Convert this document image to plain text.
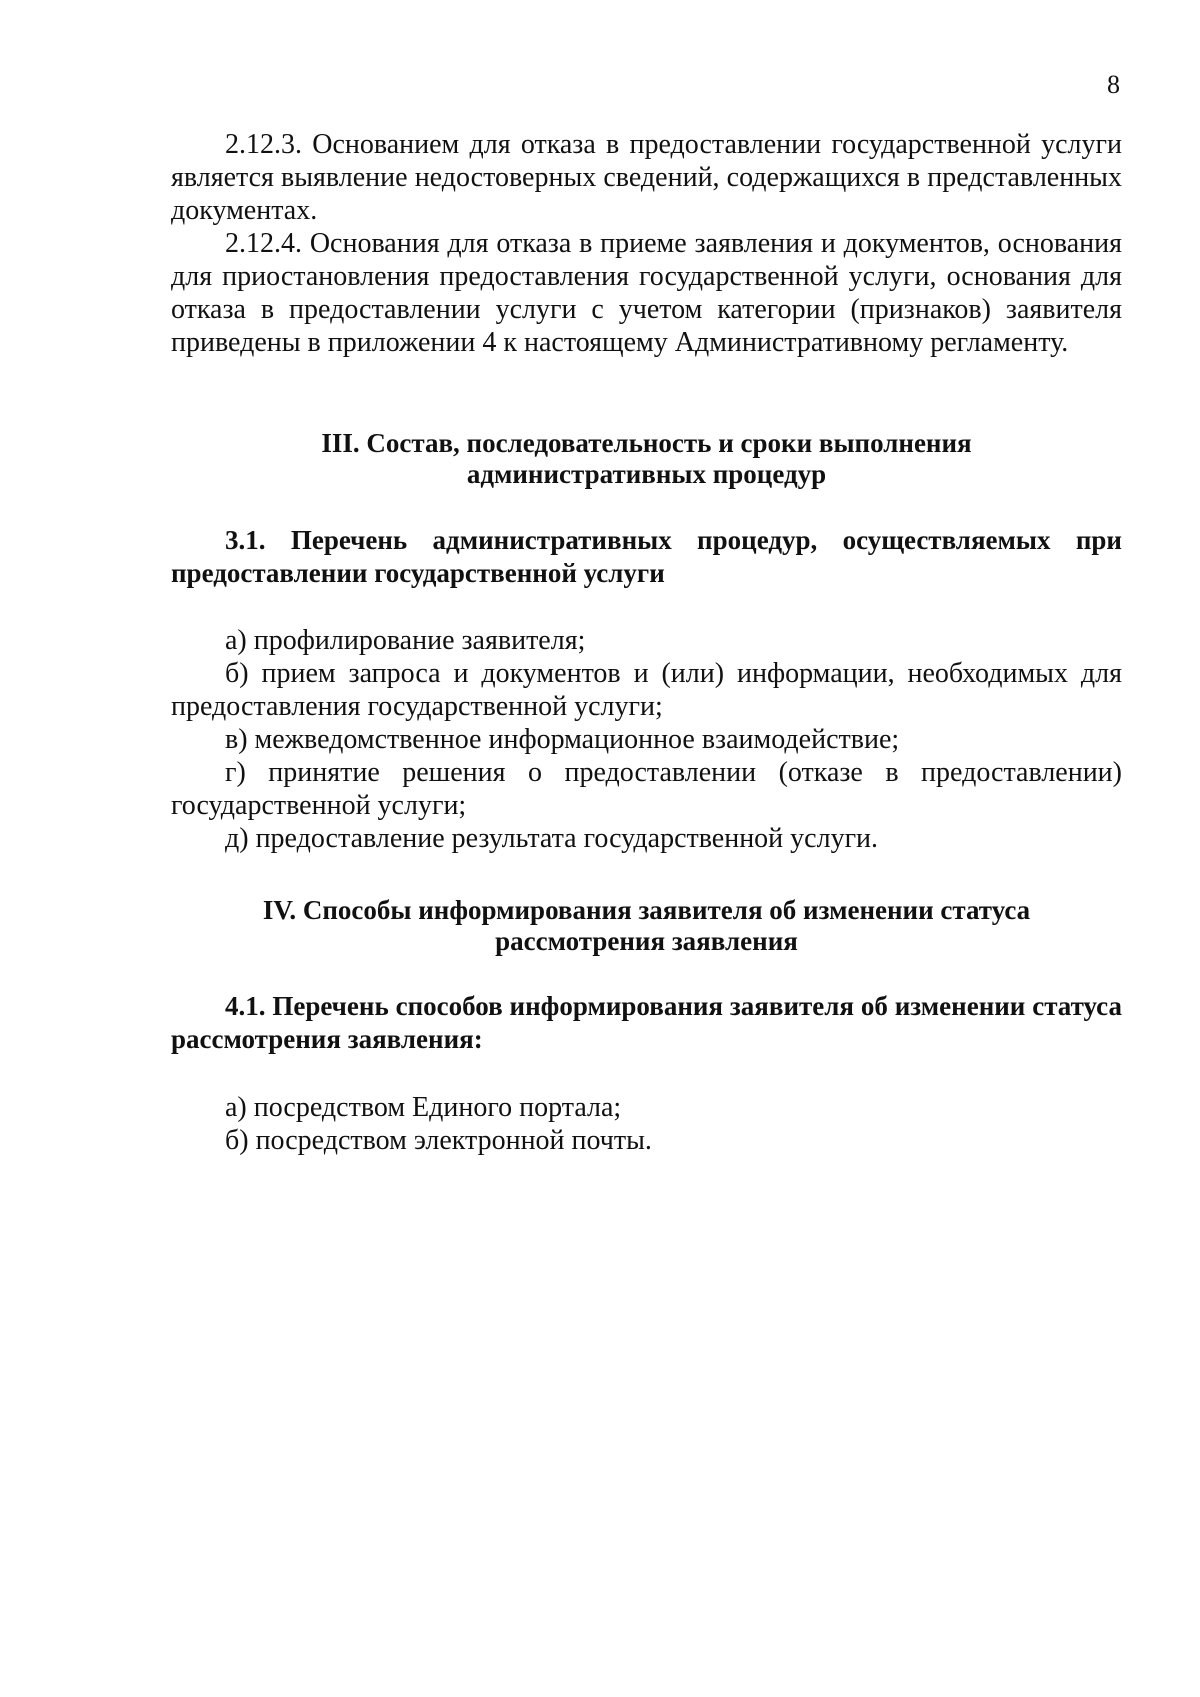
8

2.12.3. Основанием для отказа в предоставлении государственной услуги является выявление недостоверных сведений, содержащихся в представленных документах.

2.12.4. Основания для отказа в приеме заявления и документов, основания для приостановления предоставления государственной услуги, основания для отказа в предоставлении услуги с учетом категории (признаков) заявителя приведены в приложении 4 к настоящему Административному регламенту.

III. Состав, последовательность и сроки выполнения
административных процедур

3.1. Перечень административных процедур, осуществляемых при предоставлении государственной услуги

а) профилирование заявителя;

б) прием запроса и документов и (или) информации, необходимых для предоставления государственной услуги;

в) межведомственное информационное взаимодействие;

г) принятие решения о предоставлении (отказе в предоставлении) государственной услуги;

д) предоставление результата государственной услуги.

IV. Способы информирования заявителя об изменении статуса
рассмотрения заявления

4.1. Перечень способов информирования заявителя об изменении статуса рассмотрения заявления:

а) посредством Единого портала;

б) посредством электронной почты.
